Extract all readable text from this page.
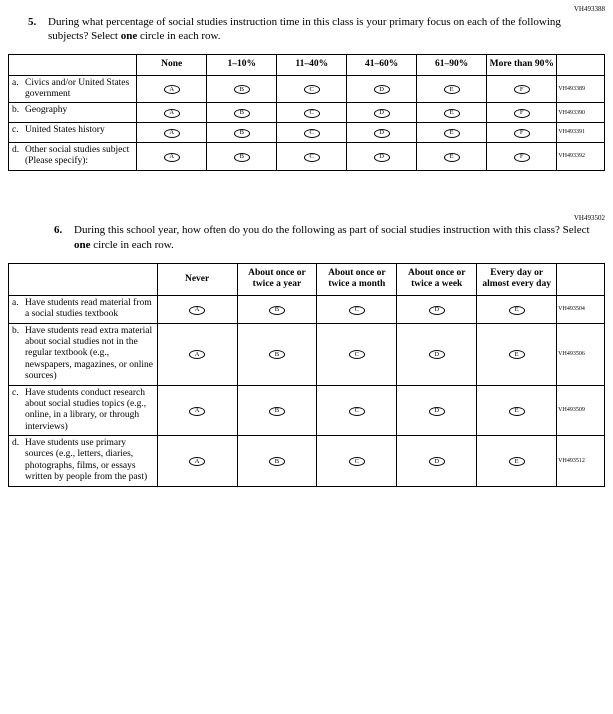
VH493388
5.	During what percentage of social studies instruction time in this class is your primary focus on each of the following subjects? Select one circle in each row.
	None	1–10%	11–40%	41–60%	61–90%	More than 90%	

a. Civics and/or United States government	A	B	C	D	E	F	VH493389

b. Geography	A	B	C	D	E	F	VH493390

c. United States history	A	B	C	D	E	F	VH493391

d. Other social studies subject (Please specify):	A	B	C	D	E	F	VH493392
VH493502
6.	During this school year, how often do you do the following as part of social studies instruction with this class? Select one circle in each row.
	Never	About once or twice a year	About once or twice a month	About once or twice a week	Every day or almost every day	

a. Have students read material from a social studies textbook	A	B	C	D	E	VH493504

b. Have students read extra material about social studies not in the regular textbook (e.g., newspapers, magazines, or online sources)	A	B	C	D	E	VH493506

c. Have students conduct research about social studies topics (e.g., online, in a library, or through interviews)	A	B	C	D	E	VH493509

d. Have students use primary sources (e.g., letters, diaries, photographs, films, or essays written by people from the past)	A	B	C	D	E	VH493512
